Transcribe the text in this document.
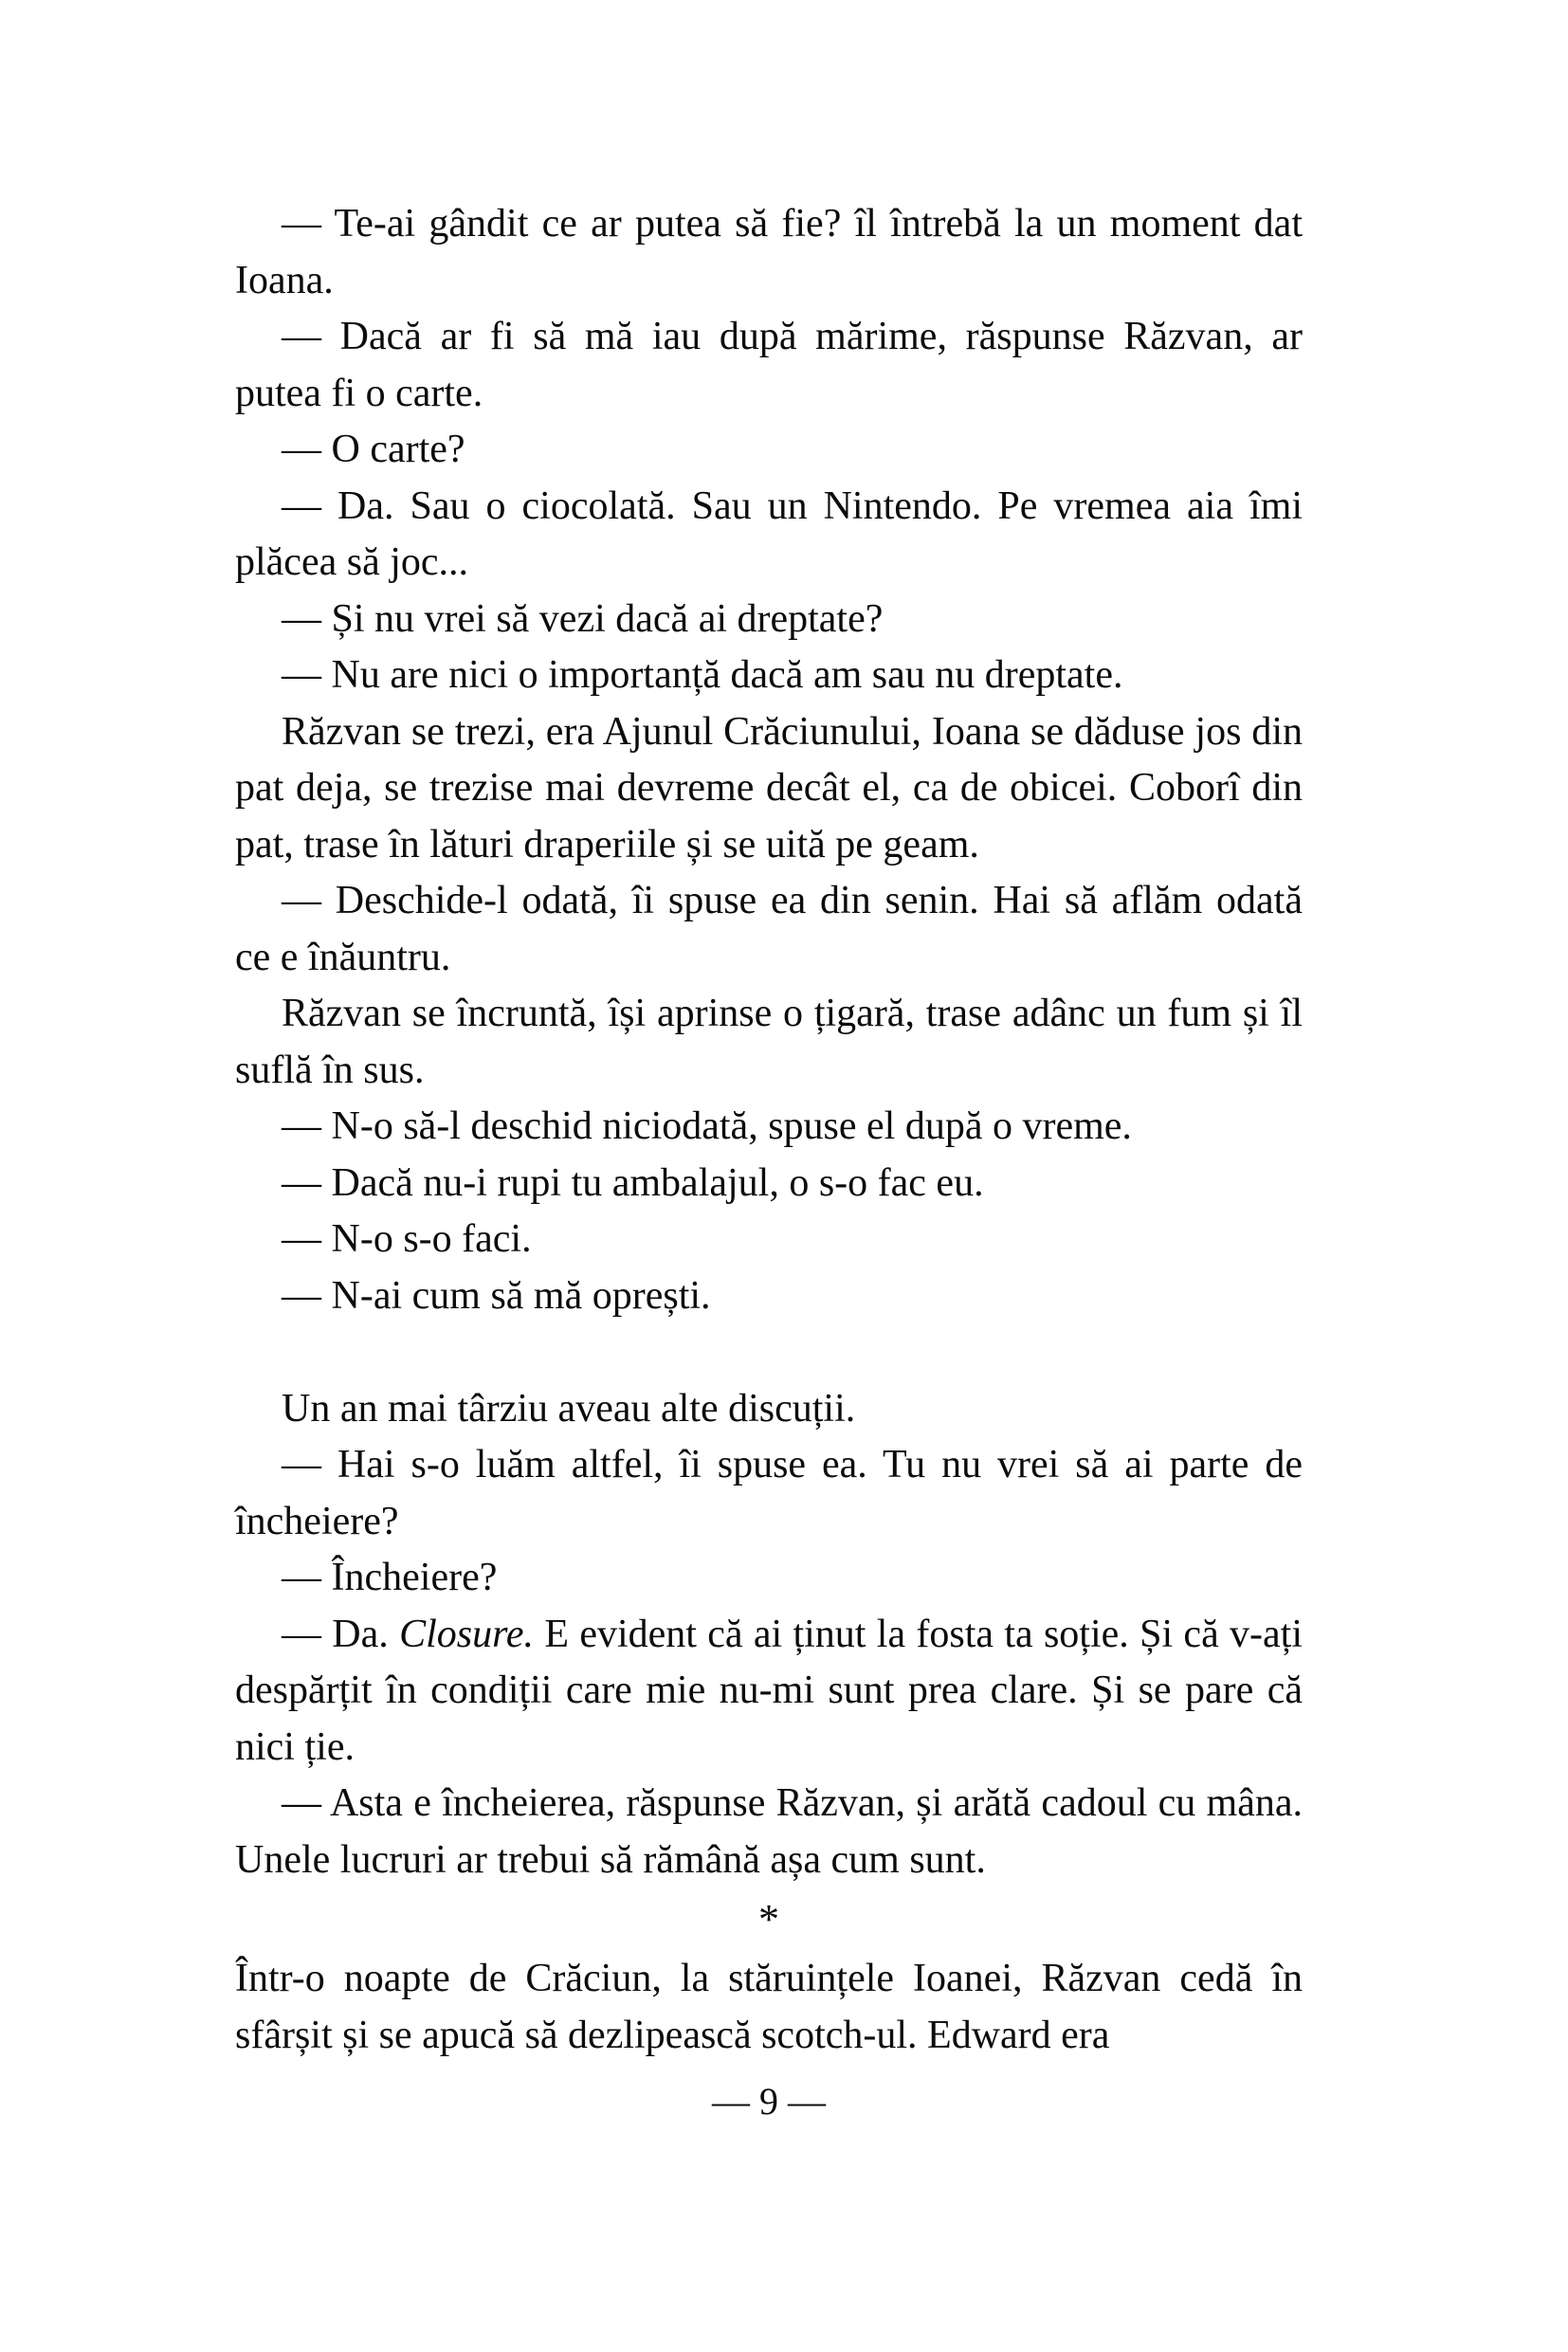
— Te-ai gândit ce ar putea să fie? îl întrebă la un moment dat Ioana.

— Dacă ar fi să mă iau după mărime, răspunse Răzvan, ar putea fi o carte.

— O carte?

— Da. Sau o ciocolată. Sau un Nintendo. Pe vremea aia îmi plăcea să joc...

— Și nu vrei să vezi dacă ai dreptate?

— Nu are nici o importanță dacă am sau nu dreptate.

Răzvan se trezi, era Ajunul Crăciunului, Ioana se dăduse jos din pat deja, se trezise mai devreme decât el, ca de obicei. Coborî din pat, trase în lături draperiile și se uită pe geam.

— Deschide-l odată, îi spuse ea din senin. Hai să aflăm odată ce e înăuntru.

Răzvan se încruntă, își aprinse o țigară, trase adânc un fum și îl suflă în sus.

— N-o să-l deschid niciodată, spuse el după o vreme.

— Dacă nu-i rupi tu ambalajul, o s-o fac eu.

— N-o s-o faci.

— N-ai cum să mă oprești.

Un an mai târziu aveau alte discuții.

— Hai s-o luăm altfel, îi spuse ea. Tu nu vrei să ai parte de încheiere?

— Încheiere?

— Da. Closure. E evident că ai ținut la fosta ta soție. Și că v-ați despărțit în condiții care mie nu-mi sunt prea clare. Și se pare că nici ție.

— Asta e încheierea, răspunse Răzvan, și arătă cadoul cu mâna. Unele lucruri ar trebui să rămână așa cum sunt.

*

Într-o noapte de Crăciun, la stăruințele Ioanei, Răzvan cedă în sfârșit și se apucă să dezlipească scotch-ul. Edward era

— 9 —
